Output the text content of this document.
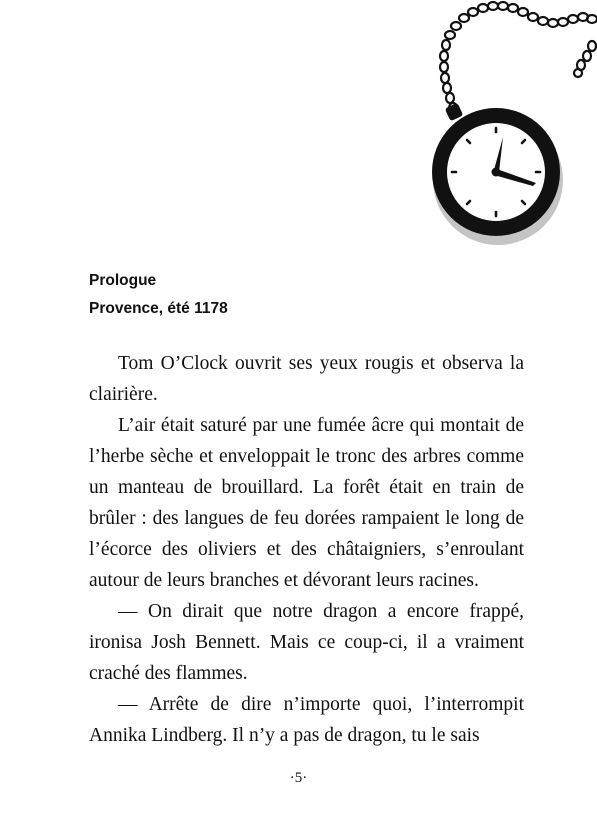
Prologue
Provence, été 1178

Tom O’Clock ouvrit ses yeux rougis et observa la clairière.

L’air était saturé par une fumée âcre qui montait de l’herbe sèche et enveloppait le tronc des arbres comme un manteau de brouillard. La forêt était en train de brûler : des langues de feu dorées rampaient le long de l’écorce des oliviers et des châtaigniers, s’enroulant autour de leurs branches et dévorant leurs racines.

— On dirait que notre dragon a encore frappé, ironisa Josh Bennett. Mais ce coup-ci, il a vraiment craché des flammes.

— Arrête de dire n’importe quoi, l’interrompit Annika Lindberg. Il n’y a pas de dragon, tu le sais

·5·
